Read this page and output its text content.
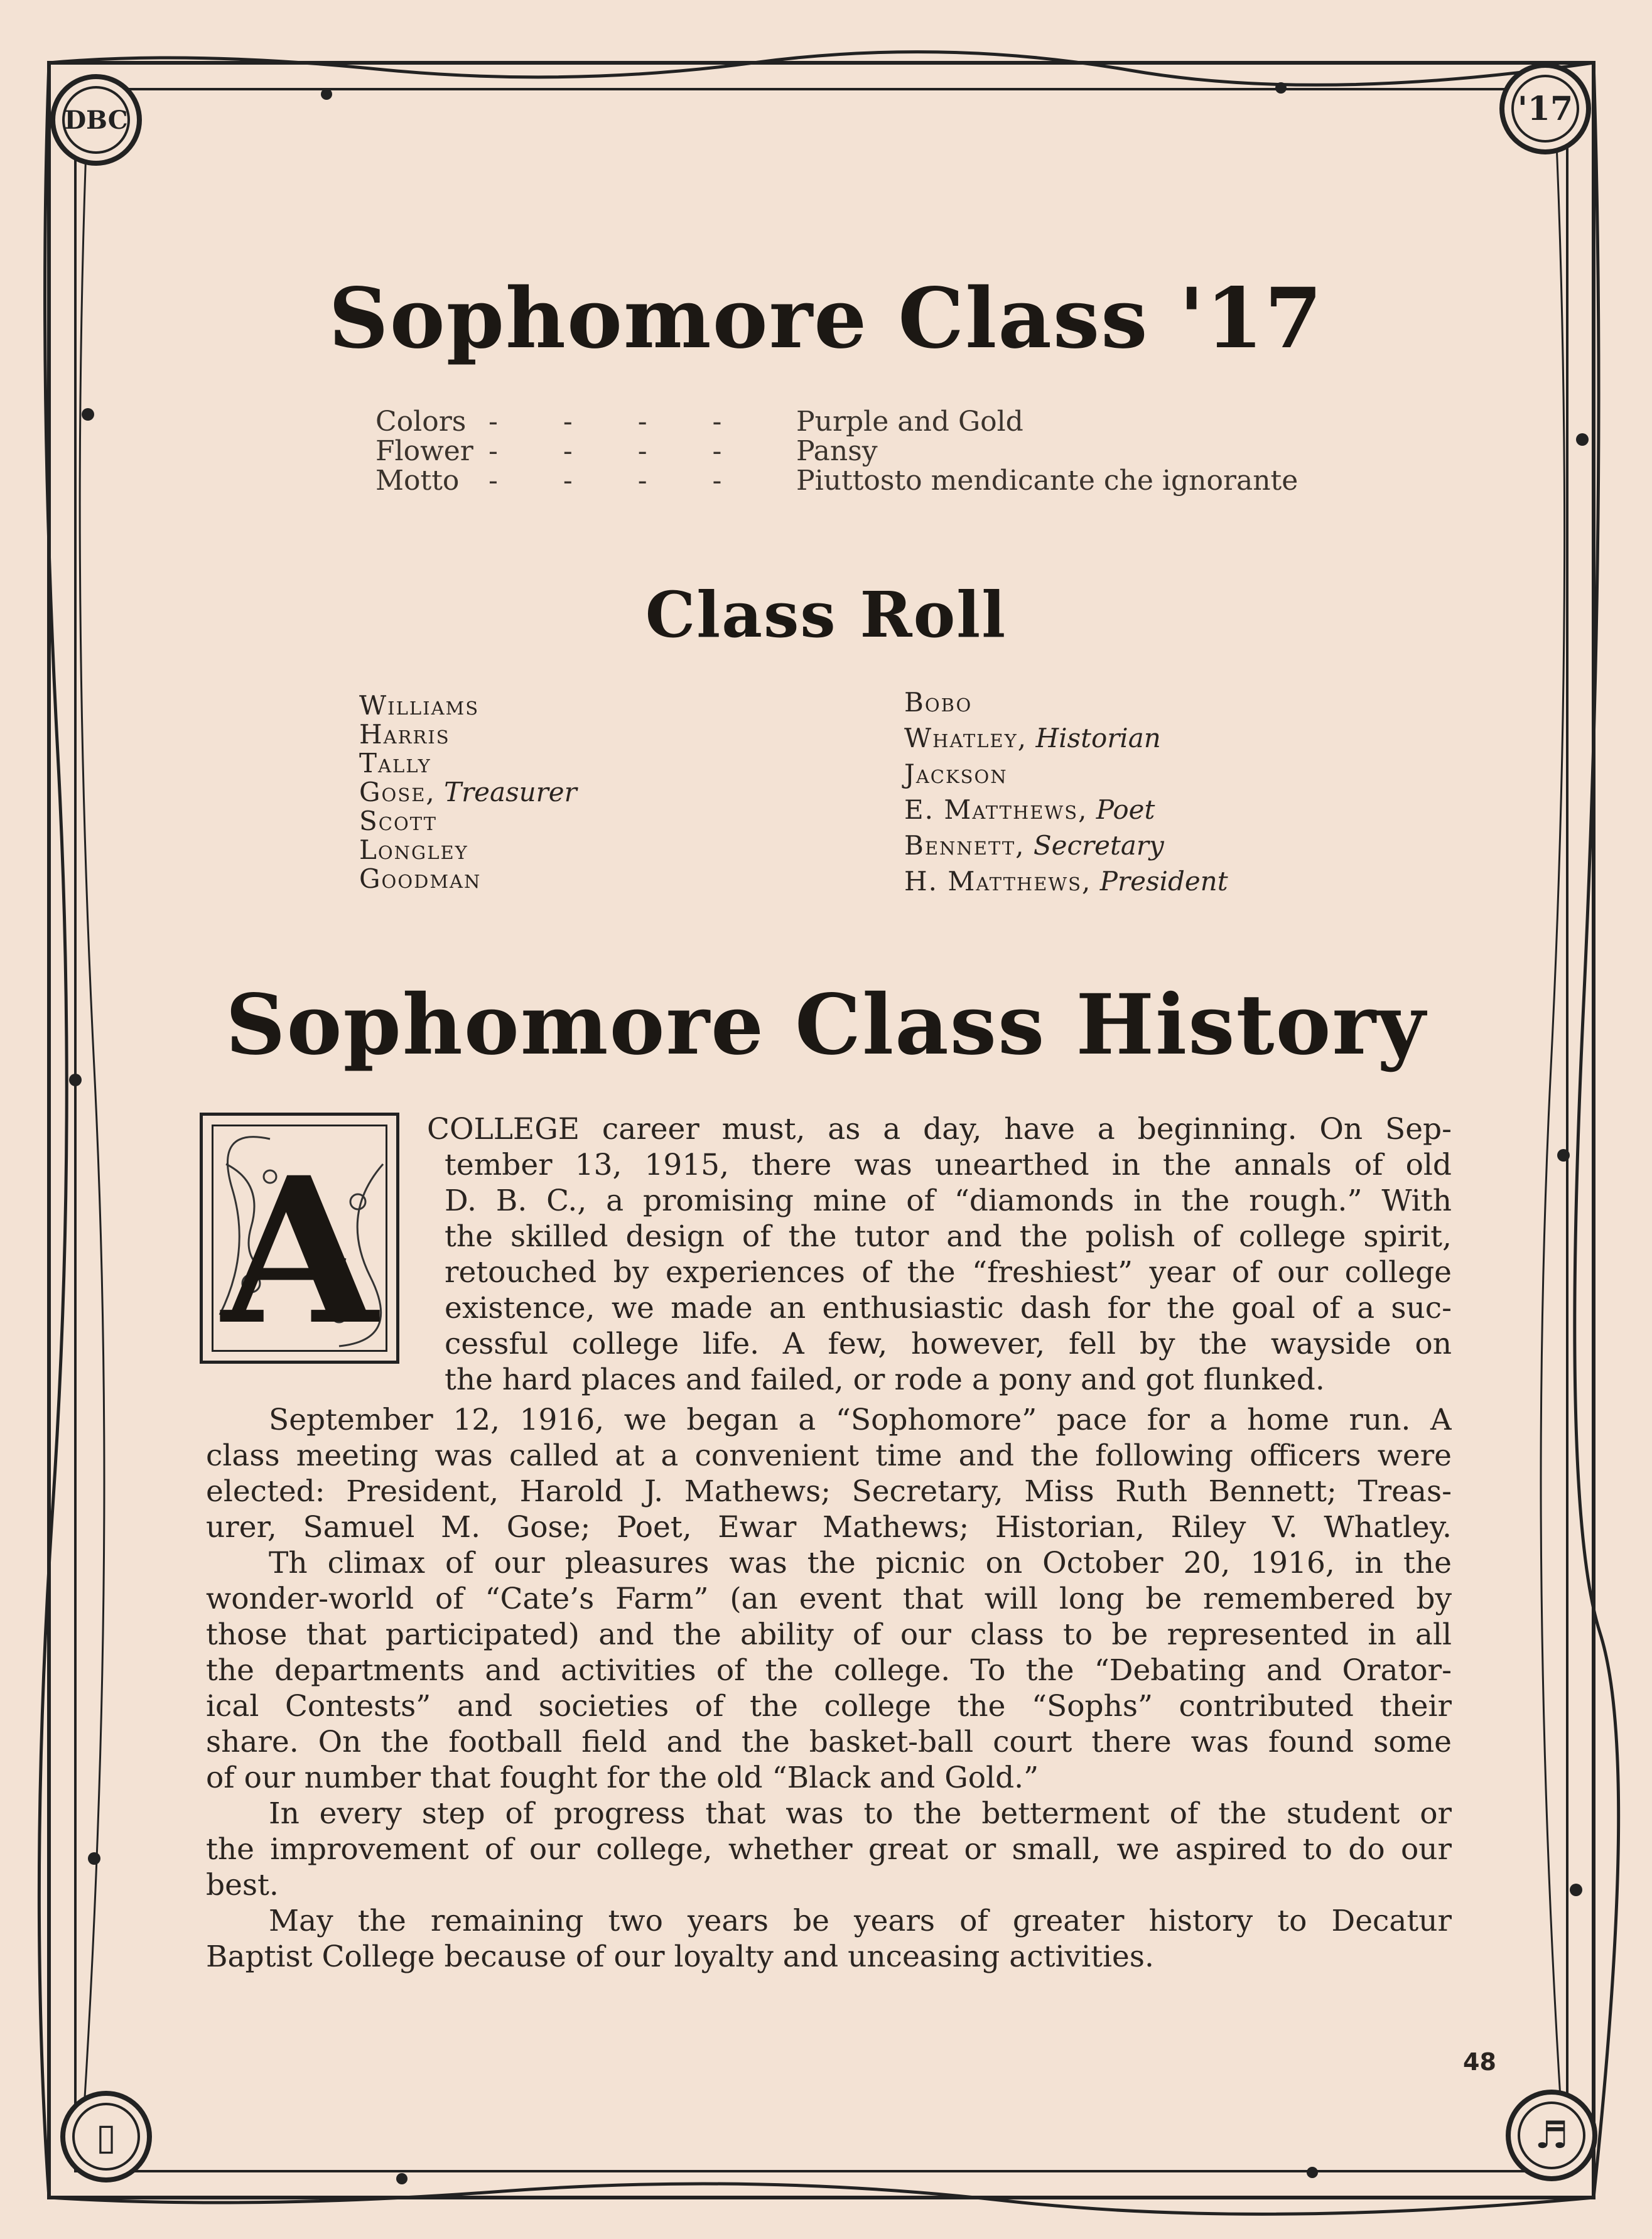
DBC	'17
▯	♬
Sophomore Class '17
Colors - - - -	Purple and Gold
Flower - - - -	Pansy
Motto - - - -	Piuttosto mendicante che ignorante
Class Roll
Williams
Harris
Tally
Gose, Treasurer
Scott
Longley
Goodman
Bobo
Whatley, Historian
Jackson
E. Matthews, Poet
Bennett, Secretary
H. Matthews, President
Sophomore Class History
A
COLLEGE career must, as a day, have a beginning. On Sep-
tember 13, 1915, there was unearthed in the annals of old
D. B. C., a promising mine of “diamonds in the rough.” With
the skilled design of the tutor and the polish of college spirit,
retouched by experiences of the “freshiest” year of our college
existence, we made an enthusiastic dash for the goal of a suc-
cessful college life. A few, however, fell by the wayside on
the hard places and failed, or rode a pony and got flunked.
September 12, 1916, we began a “Sophomore” pace for a home run. A
class meeting was called at a convenient time and the following officers were
elected: President, Harold J. Mathews; Secretary, Miss Ruth Bennett; Treas-
urer, Samuel M. Gose; Poet, Ewar Mathews; Historian, Riley V. Whatley.
Th climax of our pleasures was the picnic on October 20, 1916, in the
wonder-world of “Cate’s Farm” (an event that will long be remembered by
those that participated) and the ability of our class to be represented in all
the departments and activities of the college. To the “Debating and Orator-
ical Contests” and societies of the college the “Sophs” contributed their
share. On the football field and the basket-ball court there was found some
of our number that fought for the old “Black and Gold.”
In every step of progress that was to the betterment of the student or
the improvement of our college, whether great or small, we aspired to do our
best.
May the remaining two years be years of greater history to Decatur
Baptist College because of our loyalty and unceasing activities.
48
